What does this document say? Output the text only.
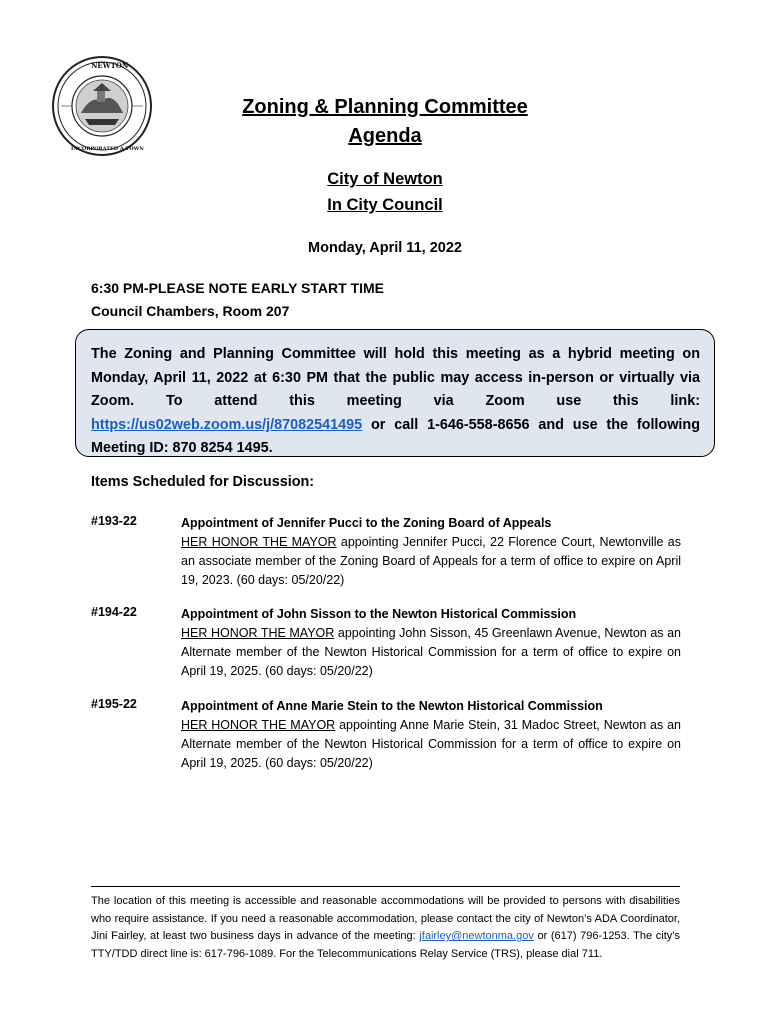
NEWTON
INCORPORATED A TOWN
Zoning & Planning Committee
Agenda
City of Newton
In City Council
Monday, April 11, 2022
6:30 PM-PLEASE NOTE EARLY START TIME
Council Chambers, Room 207
The Zoning and Planning Committee will hold this meeting as a hybrid meeting on Monday, April 11, 2022 at 6:30 PM that the public may access in-person or virtually via Zoom. To attend this meeting via Zoom use this link: https://us02web.zoom.us/j/87082541495 or call 1-646-558-8656 and use the following Meeting ID: 870 8254 1495.
Items Scheduled for Discussion:
#193-22	Appointment of Jennifer Pucci to the Zoning Board of Appeals
HER HONOR THE MAYOR appointing Jennifer Pucci, 22 Florence Court, Newtonville as an associate member of the Zoning Board of Appeals for a term of office to expire on April 19, 2023. (60 days: 05/20/22)
#194-22	Appointment of John Sisson to the Newton Historical Commission
HER HONOR THE MAYOR appointing John Sisson, 45 Greenlawn Avenue, Newton as an Alternate member of the Newton Historical Commission for a term of office to expire on April 19, 2025. (60 days: 05/20/22)
#195-22	Appointment of Anne Marie Stein to the Newton Historical Commission
HER HONOR THE MAYOR appointing Anne Marie Stein, 31 Madoc Street, Newton as an Alternate member of the Newton Historical Commission for a term of office to expire on April 19, 2025. (60 days: 05/20/22)
The location of this meeting is accessible and reasonable accommodations will be provided to persons with disabilities who require assistance. If you need a reasonable accommodation, please contact the city of Newton’s ADA Coordinator, Jini Fairley, at least two business days in advance of the meeting: jfairley@newtonma.gov or (617) 796-1253. The city’s TTY/TDD direct line is: 617-796-1089. For the Telecommunications Relay Service (TRS), please dial 711.
